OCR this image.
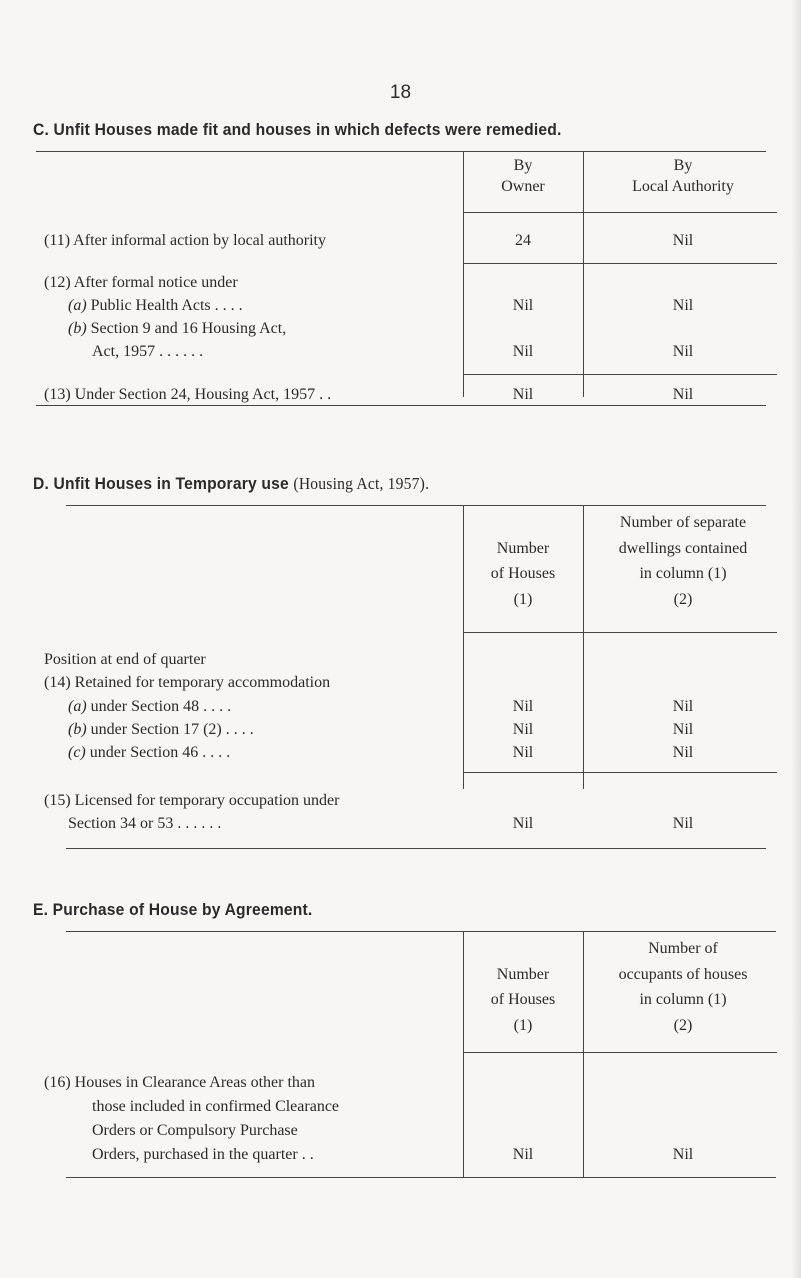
18
C. Unfit Houses made fit and houses in which defects were remedied.
By
Owner
By
Local Authority
(11) After informal action by local authority	24	Nil
(12) After formal notice under
(a) Public Health Acts . . . .	Nil	Nil
(b) Section 9 and 16 Housing Act,
Act, 1957 . . . . . .	Nil	Nil
(13) Under Section 24, Housing Act, 1957 . .	Nil	Nil
D. Unfit Houses in Temporary use (Housing Act, 1957).
Number
of Houses
(1)
Number of separate
dwellings contained
in column (1)
(2)
Position at end of quarter
(14) Retained for temporary accommodation
(a) under Section 48 . . . .	Nil	Nil
(b) under Section 17 (2) . . . .	Nil	Nil
(c) under Section 46 . . . .	Nil	Nil
(15) Licensed for temporary occupation under
Section 34 or 53 . . . . . .	Nil	Nil
E. Purchase of House by Agreement.
Number
of Houses
(1)
Number of
occupants of houses
in column (1)
(2)
(16) Houses in Clearance Areas other than
those included in confirmed Clearance
Orders or Compulsory Purchase
Orders, purchased in the quarter . .	Nil	Nil
